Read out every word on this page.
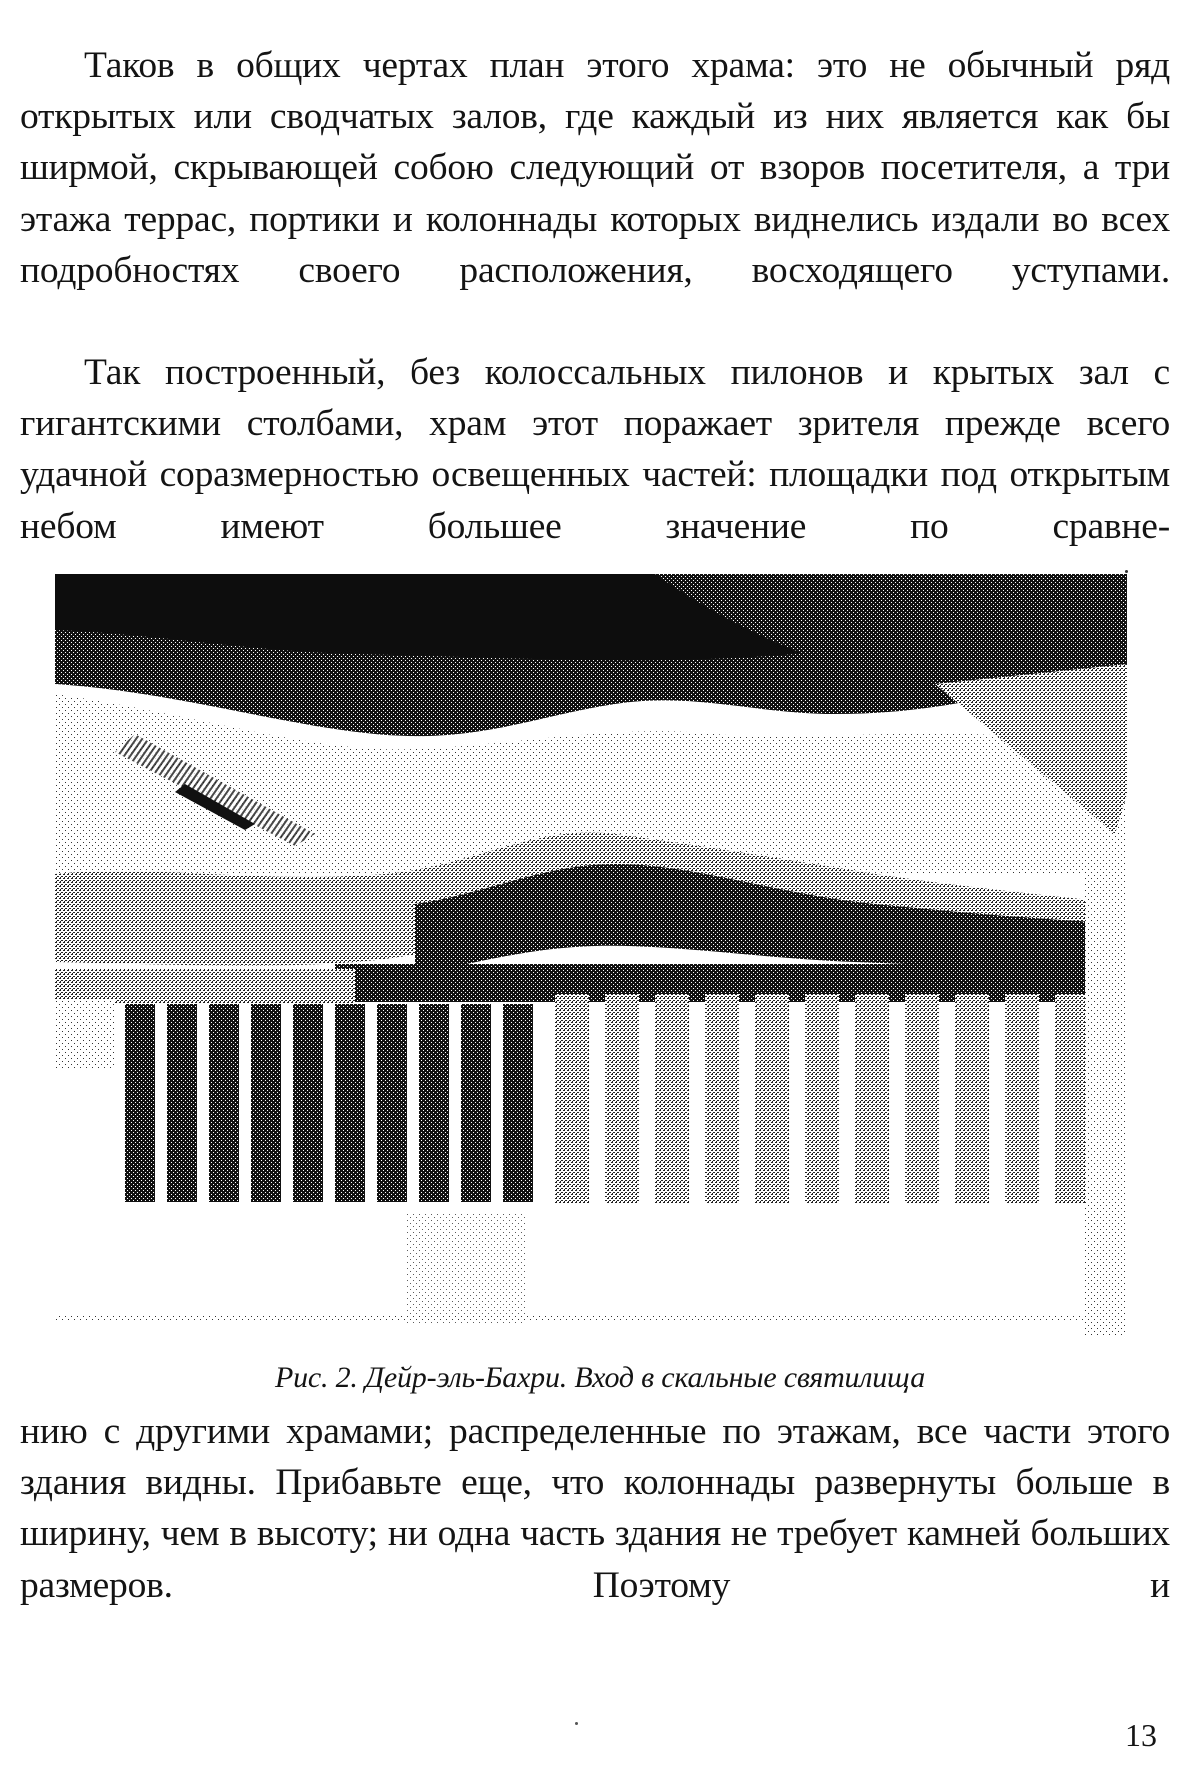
Таков в общих чертах план этого храма: это не обычный ряд открытых или сводчатых залов, где каждый из них является как бы ширмой, скрывающей собою следующий от взоров посетителя, а три этажа террас, портики и колоннады которых виднелись издали во всех подробностях своего расположения, восходящего уступами.

Так построенный, без колоссальных пилонов и крытых зал с гигантскими столбами, храм этот поражает зрителя прежде всего удачной соразмерностью освещенных частей: площадки под открытым небом имеют большее значение по сравне-

Рис. 2. Дейр-эль-Бахри. Вход в скальные святилища

нию с другими храмами; распределенные по этажам, все части этого здания видны. Прибавьте еще, что колоннады развернуты больше в ширину, чем в высоту; ни одна часть здания не требует камней больших размеров. Поэтому и

13
